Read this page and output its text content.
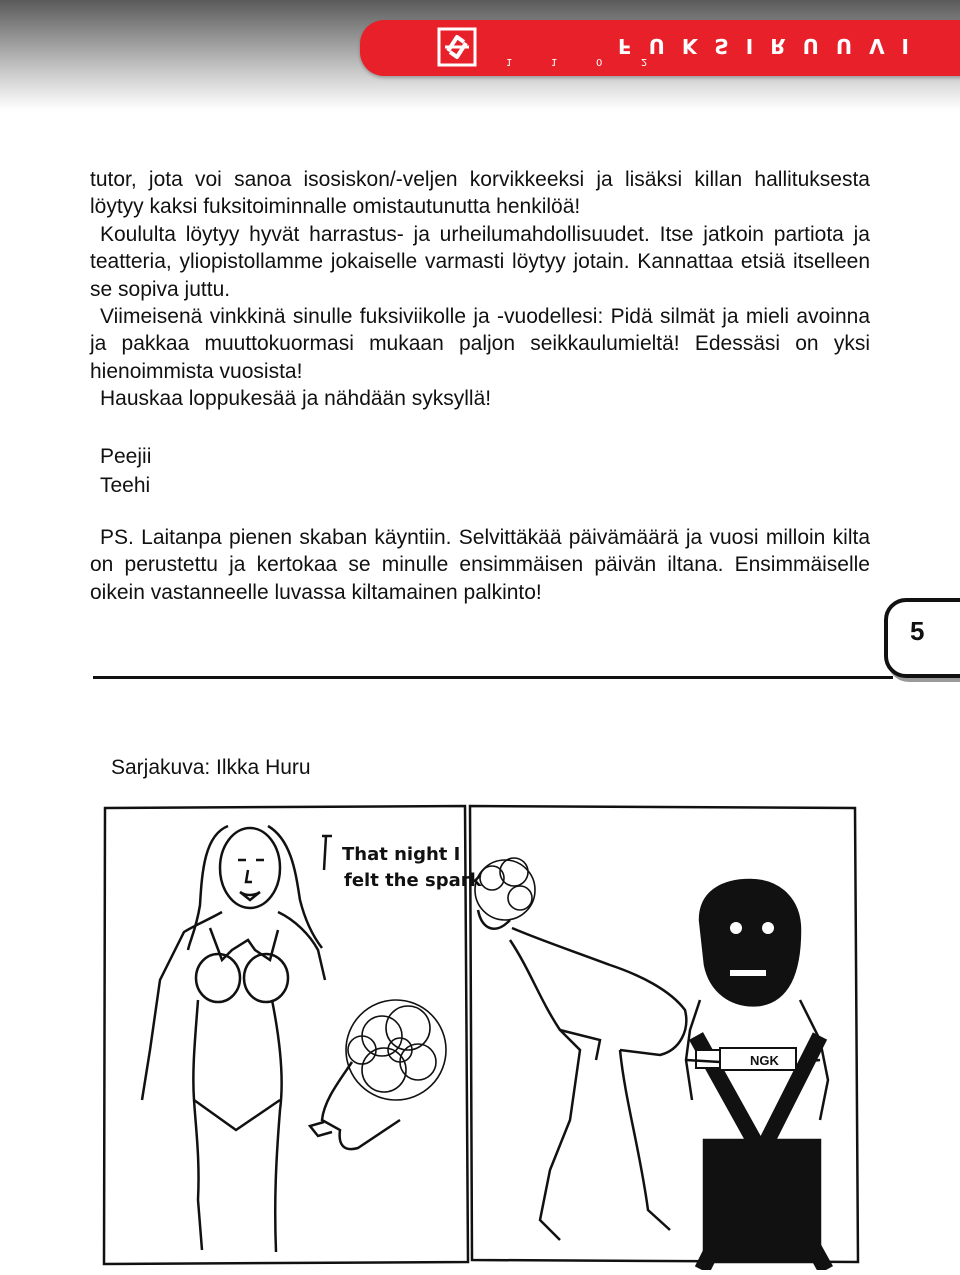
FUKSIRUUVI
1	1	0	2

tutor, jota voi sanoa isosiskon/-veljen korvikkeeksi ja lisäksi killan hallituksesta löytyy kaksi fuksitoiminnalle omistautunutta henkilöä!

Koululta löytyy hyvät harrastus- ja urheilumahdollisuudet. Itse jatkoin partiota ja teatteria, yliopistollamme jokaiselle varmasti löytyy jotain. Kannattaa etsiä itselleen se sopiva juttu.

Viimeisenä vinkkinä sinulle fuksiviikolle ja -vuodellesi: Pidä silmät ja mieli avoinna ja pakkaa muuttokuormasi mukaan paljon seikkaulumieltä! Edessäsi on yksi hienoimmista vuosista!

Hauskaa loppukesää ja nähdään syksyllä!

Peejii
Teehi

PS. Laitanpa pienen skaban käyntiin. Selvittäkää päivämäärä ja vuosi milloin kilta on perustettu ja kertokaa se minulle ensimmäisen päivän iltana. Ensimmäiselle oikein vastanneelle luvassa kiltamainen palkinto!

5
Sarjakuva: Ilkka Huru
That night I
felt the spark
NGK
